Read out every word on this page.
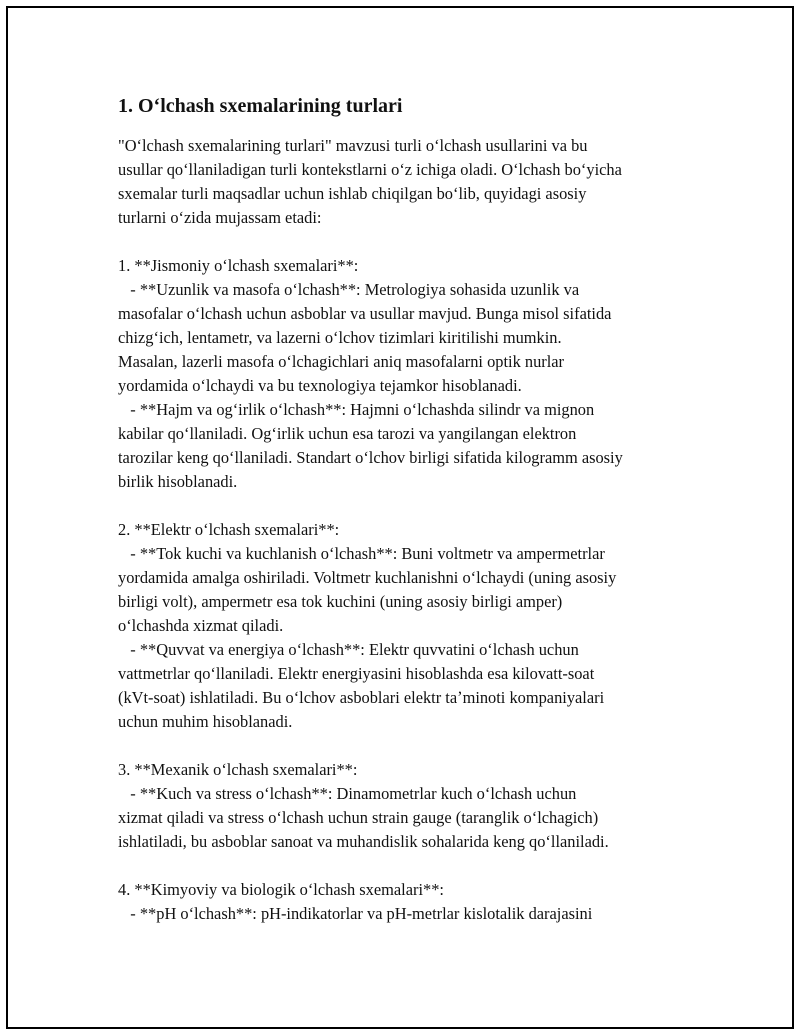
1. Oʻlchash sxemalarining turlari

"Oʻlchash sxemalarining turlari" mavzusi turli oʻlchash usullarini va bu
usullar qoʻllaniladigan turli kontekstlarni oʻz ichiga oladi. Oʻlchash boʻyicha
sxemalar turli maqsadlar uchun ishlab chiqilgan boʻlib, quyidagi asosiy
turlarni oʻzida mujassam etadi:

1. **Jismoniy oʻlchash sxemalari**:
- **Uzunlik va masofa oʻlchash**: Metrologiya sohasida uzunlik va
masofalar oʻlchash uchun asboblar va usullar mavjud. Bunga misol sifatida
chizgʻich, lentametr, va lazerni oʻlchov tizimlari kiritilishi mumkin.
Masalan, lazerli masofa oʻlchagichlari aniq masofalarni optik nurlar
yordamida oʻlchaydi va bu texnologiya tejamkor hisoblanadi.
- **Hajm va ogʻirlik oʻlchash**: Hajmni oʻlchashda silindr va mignon
kabilar qoʻllaniladi. Ogʻirlik uchun esa tarozi va yangilangan elektron
tarozilar keng qoʻllaniladi. Standart oʻlchov birligi sifatida kilogramm asosiy
birlik hisoblanadi.

2. **Elektr oʻlchash sxemalari**:
- **Tok kuchi va kuchlanish oʻlchash**: Buni voltmetr va ampermetrlar
yordamida amalga oshiriladi. Voltmetr kuchlanishni oʻlchaydi (uning asosiy
birligi volt), ampermetr esa tok kuchini (uning asosiy birligi amper)
oʻlchashda xizmat qiladi.
- **Quvvat va energiya oʻlchash**: Elektr quvvatini oʻlchash uchun
vattmetrlar qoʻllaniladi. Elektr energiyasini hisoblashda esa kilovatt-soat
(kVt-soat) ishlatiladi. Bu oʻlchov asboblari elektr taʼminoti kompaniyalari
uchun muhim hisoblanadi.

3. **Mexanik oʻlchash sxemalari**:
- **Kuch va stress oʻlchash**: Dinamometrlar kuch oʻlchash uchun
xizmat qiladi va stress oʻlchash uchun strain gauge (taranglik oʻlchagich)
ishlatiladi, bu asboblar sanoat va muhandislik sohalarida keng qoʻllaniladi.

4. **Kimyoviy va biologik oʻlchash sxemalari**:
- **pH oʻlchash**: pH-indikatorlar va pH-metrlar kislotalik darajasini
